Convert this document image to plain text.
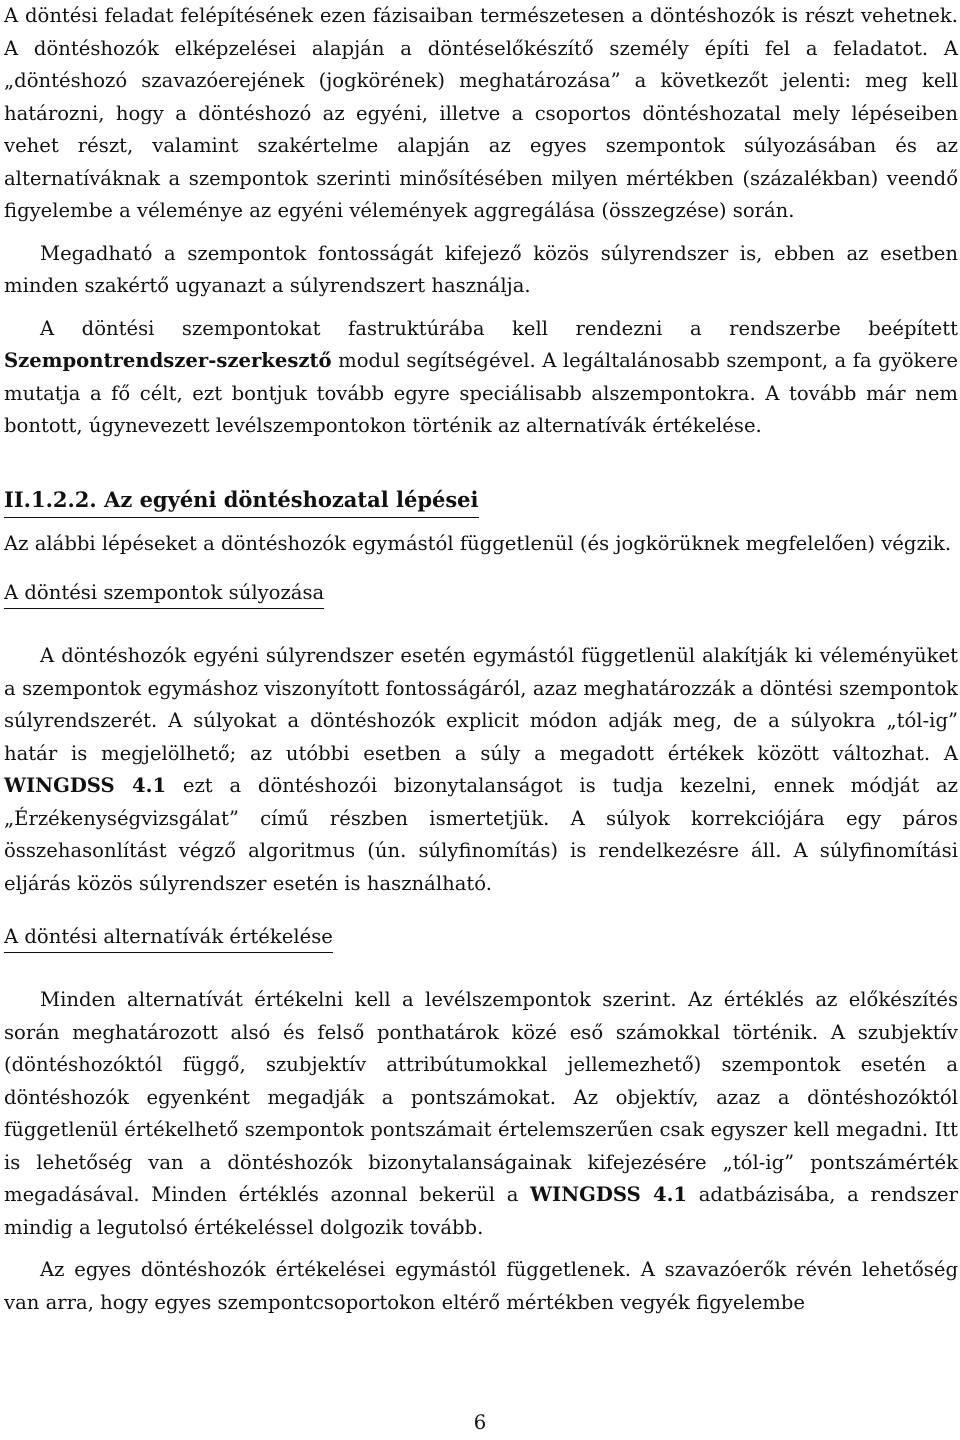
A döntési feladat felépítésének ezen fázisaiban természetesen a döntéshozók is részt vehetnek. A döntéshozók elképzelései alapján a döntéselőkészítő személy építi fel a feladatot. A „döntéshozó szavazóerejének (jogkörének) meghatározása” a következőt jelenti: meg kell határozni, hogy a döntéshozó az egyéni, illetve a csoportos döntéshozatal mely lépéseiben vehet részt, valamint szakértelme alapján az egyes szempontok súlyozásában és az alternatíváknak a szempontok szerinti minősítésében milyen mértékben (százalékban) veendő figyelembe a véleménye az egyéni vélemények aggregálása (összegzése) során.

Megadható a szempontok fontosságát kifejező közös súlyrendszer is, ebben az esetben minden szakértő ugyanazt a súlyrendszert használja.

A döntési szempontokat fastruktúrába kell rendezni a rendszerbe beépített Szempontrendszer-szerkesztő modul segítségével. A legáltalánosabb szempont, a fa gyökere mutatja a fő célt, ezt bontjuk tovább egyre speciálisabb alszempontokra. A tovább már nem bontott, úgynevezett levélszempontokon történik az alternatívák értékelése.

II.1.2.2. Az egyéni döntéshozatal lépései

Az alábbi lépéseket a döntéshozók egymástól függetlenül (és jogkörüknek megfelelően) végzik.

A döntési szempontok súlyozása

A döntéshozók egyéni súlyrendszer esetén egymástól függetlenül alakítják ki véleményüket a szempontok egymáshoz viszonyított fontosságáról, azaz meghatározzák a döntési szempontok súlyrendszerét. A súlyokat a döntéshozók explicit módon adják meg, de a súlyokra „tól-ig” határ is megjelölhető; az utóbbi esetben a súly a megadott értékek között változhat. A WINGDSS 4.1 ezt a döntéshozói bizonytalanságot is tudja kezelni, ennek módját az „Érzékenységvizsgálat” című részben ismertetjük. A súlyok korrekciójára egy páros összehasonlítást végző algoritmus (ún. súlyfinomítás) is rendelkezésre áll. A súlyfinomítási eljárás közös súlyrendszer esetén is használható.

A döntési alternatívák értékelése

Minden alternatívát értékelni kell a levélszempontok szerint. Az értéklés az előkészítés során meghatározott alsó és felső ponthatárok közé eső számokkal történik. A szubjektív (döntéshozóktól függő, szubjektív attribútumokkal jellemezhető) szempontok esetén a döntéshozók egyenként megadják a pontszámokat. Az objektív, azaz a döntéshozóktól függetlenül értékelhető szempontok pontszámait értelemszerűen csak egyszer kell megadni. Itt is lehetőség van a döntéshozók bizonytalanságainak kifejezésére „tól-ig” pontszámérték megadásával. Minden értéklés azonnal bekerül a WINGDSS 4.1 adatbázisába, a rendszer mindig a legutolsó értékeléssel dolgozik tovább.

Az egyes döntéshozók értékelései egymástól függetlenek. A szavazóerők révén lehetőség van arra, hogy egyes szempontcsoportokon eltérő mértékben vegyék figyelembe

6
